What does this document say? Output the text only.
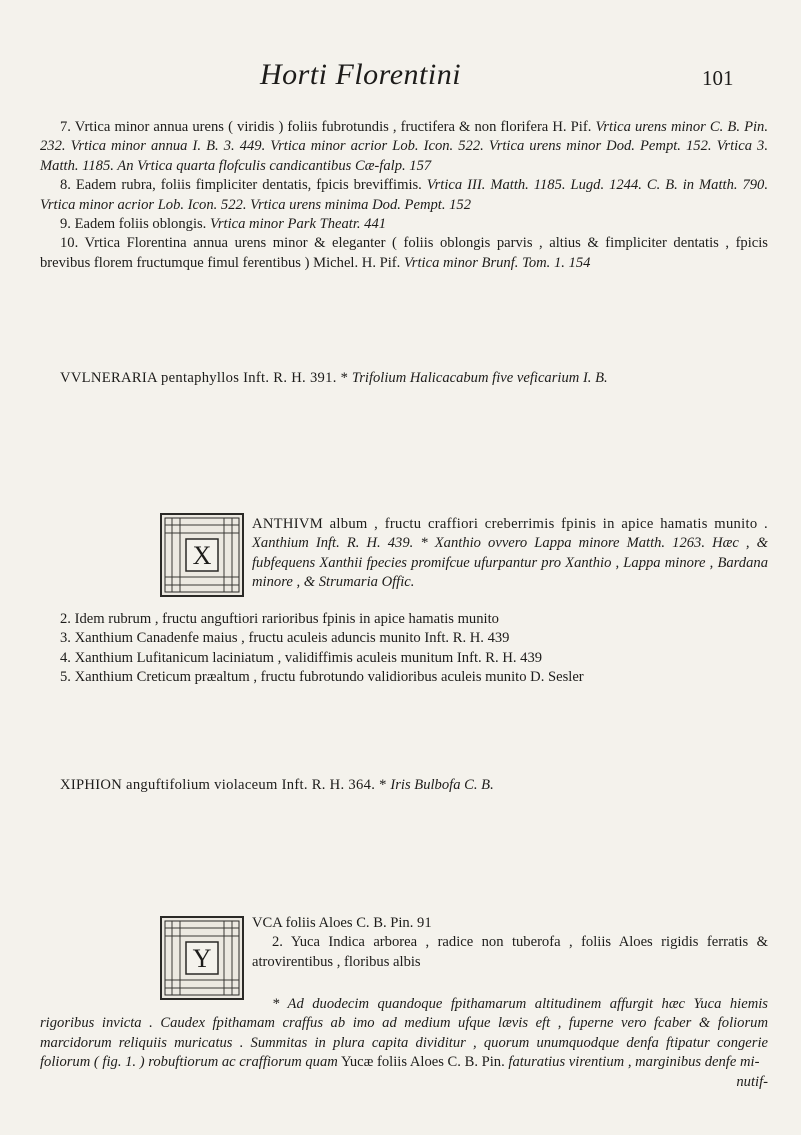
Horti Florentini	101

7. Vrtica minor annua urens ( viridis ) foliis fubrotundis , fructifera & non florifera H. Pif. Vrtica urens minor C. B. Pin. 232. Vrtica minor annua I. B. 3. 449. Vrtica minor acrior Lob. Icon. 522. Vrtica urens minor Dod. Pempt. 152. Vrtica 3. Matth. 1185. An Vrtica quarta flofculis candicantibus Cæ-falp. 157

8. Eadem rubra, foliis fimpliciter dentatis, fpicis breviffimis. Vrtica III. Matth. 1185. Lugd. 1244. C. B. in Matth. 790. Vrtica minor acrior Lob. Icon. 522. Vrtica urens minima Dod. Pempt. 152

9. Eadem foliis oblongis. Vrtica minor Park Theatr. 441

10. Vrtica Florentina annua urens minor & eleganter ( foliis oblongis parvis , altius & fimpliciter dentatis , fpicis brevibus florem fructumque fimul ferentibus ) Michel. H. Pif. Vrtica minor Brunf. Tom. 1. 154

VVLNERARIA pentaphyllos Inft. R. H. 391. * Trifolium Halicacabum five veficarium I. B.

X

ANTHIVM album , fructu craffiori creberrimis fpinis in apice hamatis munito . Xanthium Inft. R. H. 439. * Xanthio ovvero Lappa minore Matth. 1263. Hæc , & fubfequens Xanthii fpecies promifcue ufurpantur pro Xanthio , Lappa minore , Bardana minore , & Strumaria Offic.

2. Idem rubrum , fructu anguftiori rarioribus fpinis in apice hamatis munito

3. Xanthium Canadenfe maius , fructu aculeis aduncis munito Inft. R. H. 439

4. Xanthium Lufitanicum laciniatum , validiffimis aculeis munitum Inft. R. H. 439

5. Xanthium Creticum præaltum , fructu fubrotundo validioribus aculeis munito D. Sesler

XIPHION anguftifolium violaceum Inft. R. H. 364. * Iris Bulbofa C. B.

Y

VCA foliis Aloes C. B. Pin. 91

2. Yuca Indica arborea , radice non tuberofa , foliis Aloes rigidis ferratis & atrovirentibus , floribus albis

* Ad duodecim quandoque fpithamarum altitudinem affurgit hæc Yuca hiemis rigoribus invicta . Caudex fpithamam craffus ab imo ad medium ufque lævis eft , fuperne vero fcaber & foliorum marcidorum reliquiis muricatus . Summitas in plura capita dividitur , quorum unumquodque denfa ftipatur congerie foliorum ( fig. 1. ) robuftiorum ac craffiorum quam Yucæ foliis Aloes C. B. Pin. faturatius virentium , marginibus denfe mi-

nutif-
